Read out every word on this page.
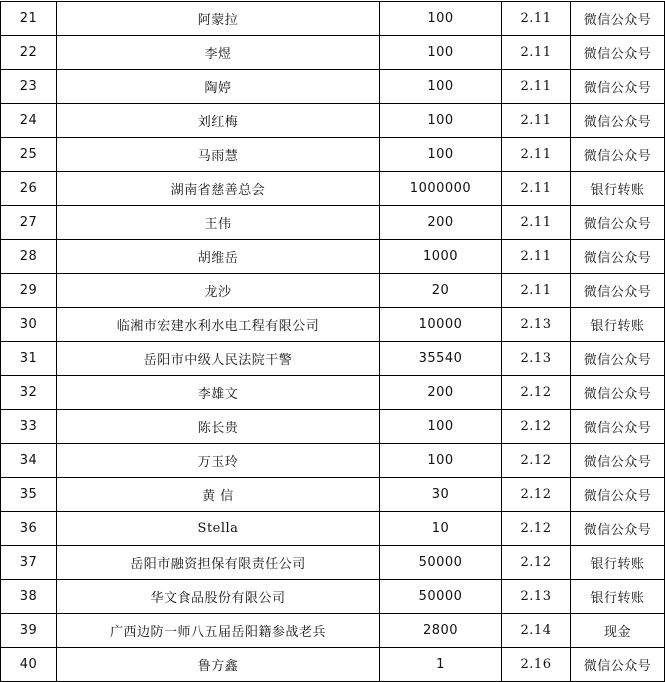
21	阿蒙拉	100	2.11	微信公众号
22	李煜	100	2.11	微信公众号
23	陶婷	100	2.11	微信公众号
24	刘红梅	100	2.11	微信公众号
25	马雨慧	100	2.11	微信公众号
26	湖南省慈善总会	1000000	2.11	银行转账
27	王伟	200	2.11	微信公众号
28	胡维岳	1000	2.11	微信公众号
29	龙沙	20	2.11	微信公众号
30	临湘市宏建水利水电工程有限公司	10000	2.13	银行转账
31	岳阳市中级人民法院干警	35540	2.13	微信公众号
32	李雄文	200	2.12	微信公众号
33	陈长贵	100	2.12	微信公众号
34	万玉玲	100	2.12	微信公众号
35	黄 信	30	2.12	微信公众号
36	Stella	10	2.12	微信公众号
37	岳阳市融资担保有限责任公司	50000	2.12	银行转账
38	华文食品股份有限公司	50000	2.13	银行转账
39	广西边防一师八五届岳阳籍参战老兵	2800	2.14	现金
40	鲁方鑫	1	2.16	微信公众号
